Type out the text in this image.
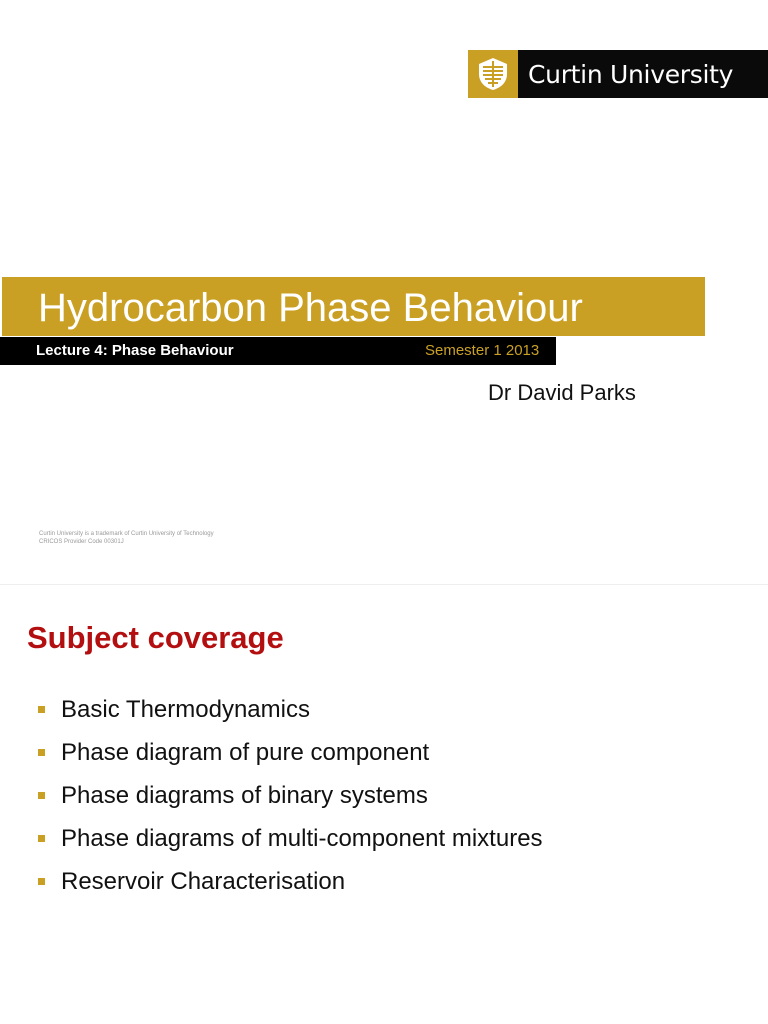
Curtin University
Hydrocarbon Phase Behaviour
Lecture 4: Phase Behaviour	Semester 1 2013
Dr David Parks
Curtin University is a trademark of Curtin University of Technology
CRICOS Provider Code 00301J
Subject coverage
Basic Thermodynamics
Phase diagram of pure component
Phase diagrams of binary systems
Phase diagrams of multi-component mixtures
Reservoir Characterisation
